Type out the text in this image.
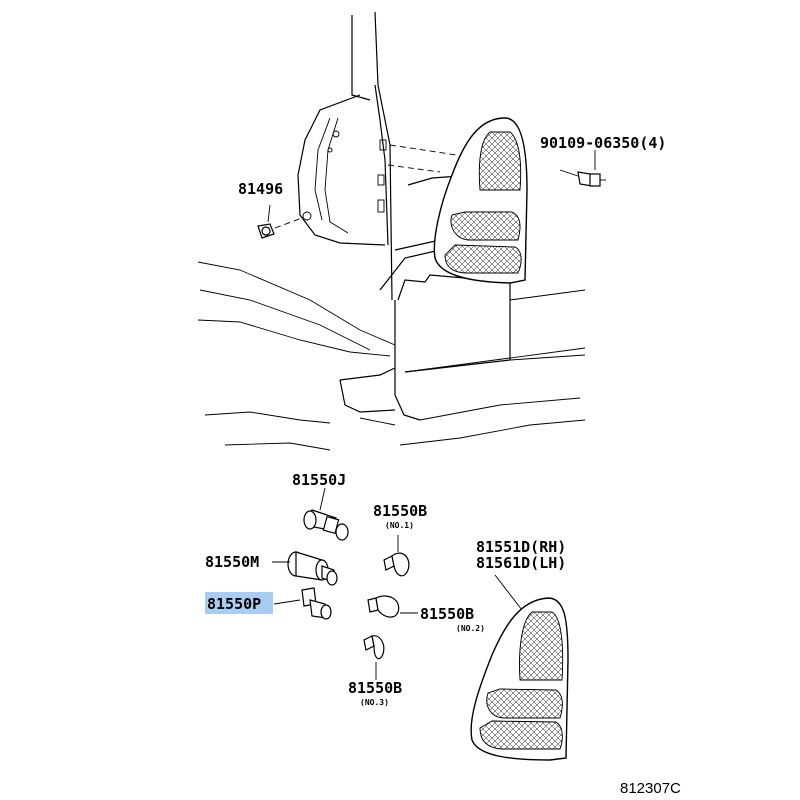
81496
90109-06350(4)
81550J
81550B
(NO.1)
81550M
81550P
81550B
(NO.2)
81550B
(NO.3)
81551D(RH)
81561D(LH)
812307C
